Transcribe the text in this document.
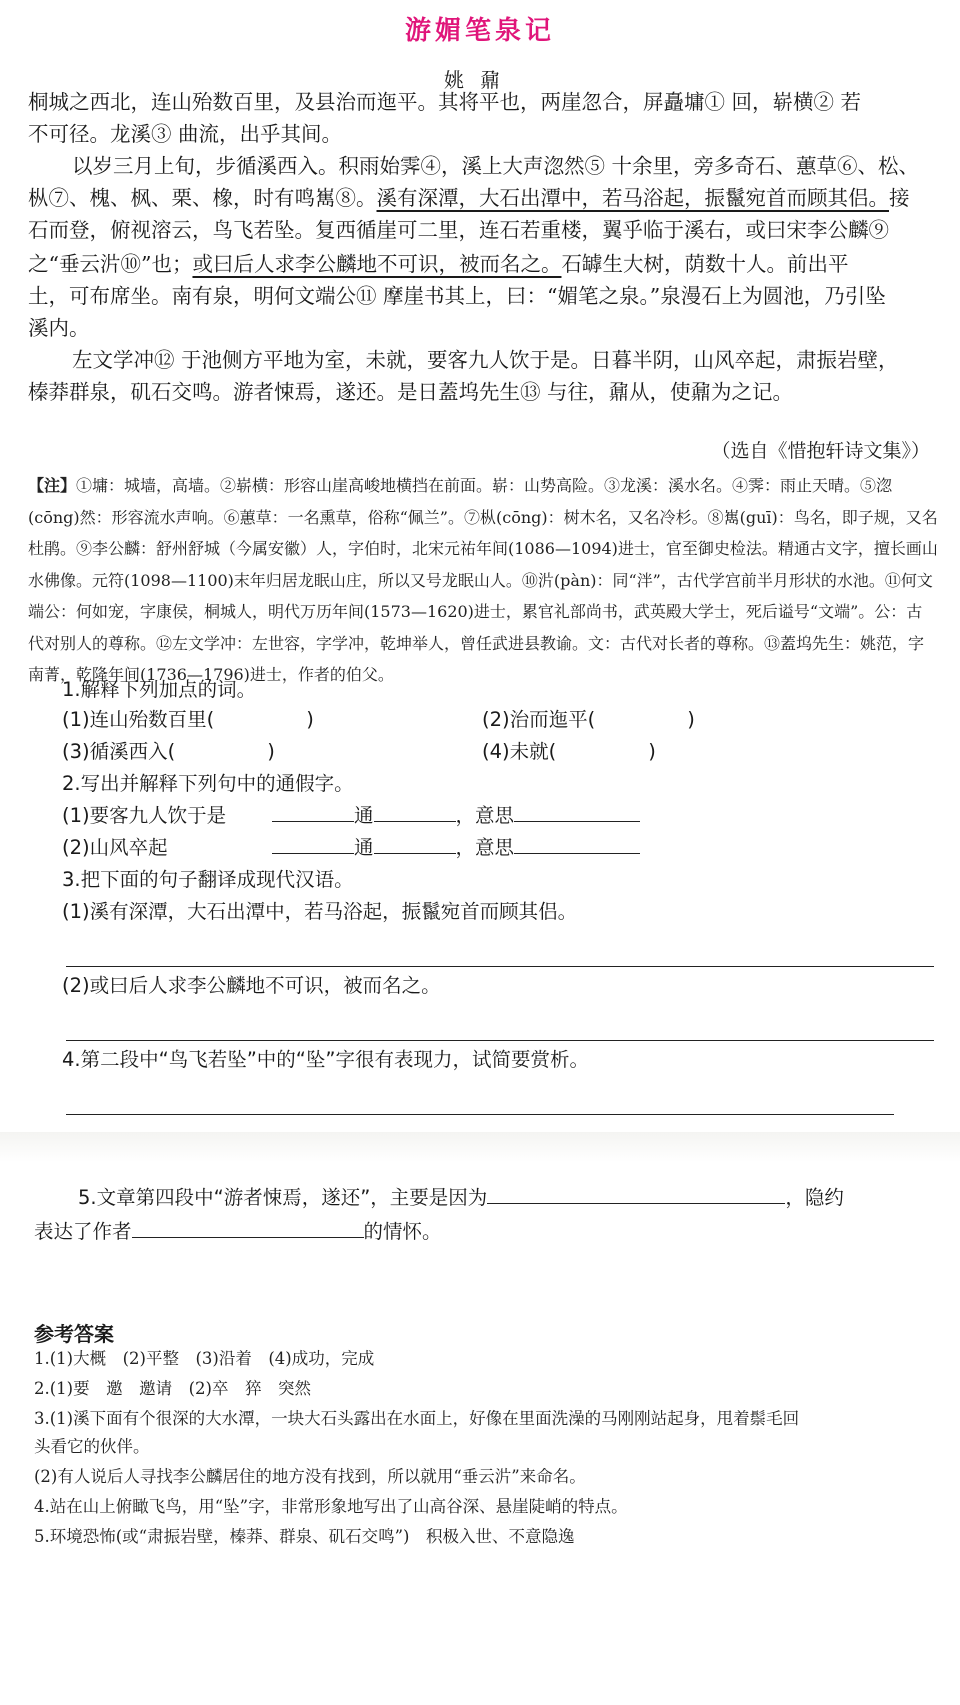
游媚笔泉记
姚鼐
桐城之西北，连山殆数百里，及县治而迤平。其将平也，两崖忽合，屏矗墉① 回，崭横② 若
不可径。龙溪③ 曲流，出乎其间。
以岁三月上旬，步循溪西入。积雨始霁④，溪上大声淴然⑤ 十余里，旁多奇石、蕙草⑥、松、
枞⑦、槐、枫、栗、橡，时有鸣嶲⑧。溪有深潭，大石出潭中，若马浴起，振鬣宛首而顾其侣。接
石而登，俯视溶云，鸟飞若坠。复西循崖可二里，连石若重楼，翼乎临于溪右，或曰宋李公麟⑨
之“垂云沜⑩”也；或曰后人求李公麟地不可识，被而名之。石罅生大树，荫数十人。前出平
土，可布席坐。南有泉，明何文端公⑪ 摩崖书其上，曰：“媚笔之泉。”泉漫石上为圆池，乃引坠
溪内。
左文学冲⑫ 于池侧方平地为室，未就，要客九人饮于是。日暮半阴，山风卒起，肃振岩壁，
榛莽群泉，矶石交鸣。游者悚焉，遂还。是日蓋坞先生⑬ 与往，鼐从，使鼐为之记。
（选自《惜抱轩诗文集》）
【注】①墉：城墙，高墙。②崭横：形容山崖高峻地横挡在前面。崭：山势高险。③龙溪：溪水名。④霁：雨止天晴。⑤淴(cōng)然：形容流水声响。⑥蕙草：一名熏草，俗称“佩兰”。⑦枞(cōng)：树木名，又名冷杉。⑧嶲(guī)：鸟名，即子规，又名杜鹃。⑨李公麟：舒州舒城（今属安徽）人，字伯时，北宋元祐年间(1086—1094)进士，官至御史检法。精通古文字，擅长画山水佛像。元符(1098—1100)末年归居龙眠山庄，所以又号龙眠山人。⑩沜(pàn)：同“泮”，古代学宫前半月形状的水池。⑪何文端公：何如宠，字康侯，桐城人，明代万历年间(1573—1620)进士，累官礼部尚书，武英殿大学士，死后谥号“文端”。公：古代对别人的尊称。⑫左文学冲：左世容，字学冲，乾坤举人，曾任武进县教谕。文：古代对长者的尊称。⑬蓋坞先生：姚范，字南菁，乾隆年间(1736—1796)进士，作者的伯父。
1.解释下列加点的词。
(1)连山殆数百里(	)	(2)治而迤平(	)
(3)循溪西入(	)	(4)未就(	)
2.写出并解释下列句中的通假字。
(1)要客九人饮于是	通	，意思
(2)山风卒起	通	，意思
3.把下面的句子翻译成现代汉语。
(1)溪有深潭，大石出潭中，若马浴起，振鬣宛首而顾其侣。
(2)或曰后人求李公麟地不可识，被而名之。
4.第二段中“鸟飞若坠”中的“坠”字很有表现力，试简要赏析。
5.文章第四段中“游者悚焉，遂还”，主要是因为	，隐约
表达了作者	的情怀。
参考答案
1.(1)大概　(2)平整　(3)沿着　(4)成功，完成
2.(1)要　邀　邀请　(2)卒　猝　突然
3.(1)溪下面有个很深的大水潭，一块大石头露出在水面上，好像在里面洗澡的马刚刚站起身，甩着鬃毛回
头看它的伙伴。
(2)有人说后人寻找李公麟居住的地方没有找到，所以就用“垂云沜”来命名。
4.站在山上俯瞰飞鸟，用“坠”字，非常形象地写出了山高谷深、悬崖陡峭的特点。
5.环境恐怖(或“肃振岩壁，榛莽、群泉、矶石交鸣”)　积极入世、不意隐逸
